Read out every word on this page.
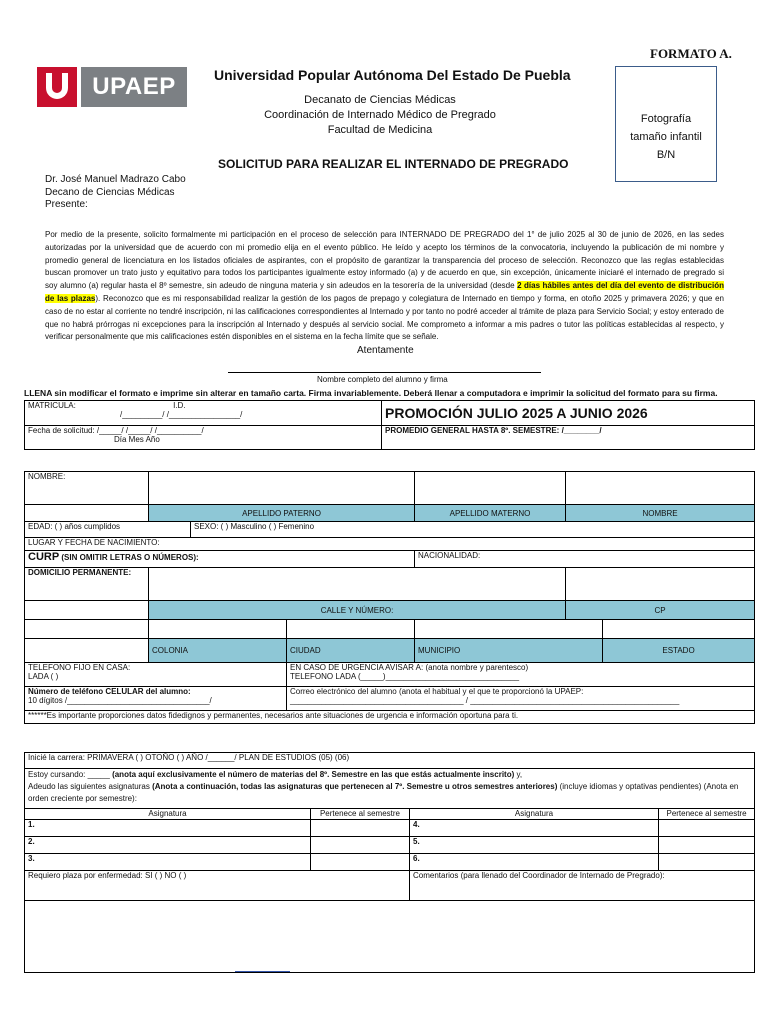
FORMATO A.
UPAEP	Universidad Popular Autónoma Del Estado De Puebla
Decanato de Ciencias Médicas
Coordinación de Internado Médico de Pregrado
Facultad de Medicina
Fotografía
tamaño infantil
B/N
SOLICITUD PARA REALIZAR EL INTERNADO DE PREGRADO
Dr. José Manuel Madrazo Cabo
Decano de Ciencias Médicas
Presente:
Por medio de la presente, solicito formalmente mi participación en el proceso de selección para INTERNADO DE PREGRADO del 1° de julio 2025 al 30 de junio de 2026, en las sedes autorizadas por la universidad que de acuerdo con mi promedio elija en el evento público. He leído y acepto los términos de la convocatoria, incluyendo la publicación de mi nombre y promedio general de licenciatura en los listados oficiales de aspirantes, con el propósito de garantizar la transparencia del proceso de selección. Reconozco que las reglas establecidas buscan promover un trato justo y equitativo para todos los participantes igualmente estoy informado (a) y de acuerdo en que, sin excepción, únicamente iniciaré el internado de pregrado si soy alumno (a) regular hasta el 8º semestre, sin adeudo de ninguna materia y sin adeudos en la tesorería de la universidad (desde 2 días hábiles antes del día del evento de distribución de las plazas). Reconozco que es mi responsabilidad realizar la gestión de los pagos de prepago y colegiatura de Internado en tiempo y forma, en otoño 2025 y primavera 2026; y que en caso de no estar al corriente no tendré inscripción, ni las calificaciones correspondientes al Internado y por tanto no podré acceder al trámite de plaza para Servicio Social; y estoy enterado de que no habrá prórrogas ni excepciones para la inscripción al Internado y después al servicio social. Me comprometo a informar a mis padres o tutor las políticas establecidas al respecto, y verificar personalmente que mis calificaciones estén disponibles en el sistema en la fecha límite que se señale.
Atentamente
Nombre completo del alumno y firma
LLENA sin modificar el formato e imprime sin alterar en tamaño carta. Firma invariablemente. Deberá llenar a computadora e imprimir la solicitud del formato para su firma.
MATRICULA: I.D.
/_________/ /________________/	PROMOCIÓN JULIO 2025 A JUNIO 2026
Fecha de solicitud: /_____/ /_____/ /__________/
Día Mes Año	PROMEDIO GENERAL HASTA 8º. SEMESTRE: /________/
NOMBRE:						
	APELLIDO PATERNO			APELLIDO MATERNO	NOMBRE	
EDAD: ( ) años cumplidos		SEXO: ( ) Masculino ( ) Femenino				
LUGAR Y FECHA DE NACIMIENTO:						
CURP (SIN OMITIR LETRAS O NÚMEROS):				NACIONALIDAD:		
DOMICILIO PERMANENTE:						
	CALLE Y NÚMERO:				CP	

	COLONIA		CIUDAD	MUNICIPIO		ESTADO
TELEFONO FIJO EN CASA:
LADA ( )			EN CASO DE URGENCIA AVISAR A: (anota nombre y parentesco)
TELEFONO LADA (_____)______________________________			
Número de teléfono CELULAR del alumno:
10 dígitos /________________________________/			Correo electrónico del alumno (anota el habitual y el que te proporcionó la UPAEP:
_______________________________________ / _______________________________________________			
******Es importante proporciones datos fidedignos y permanentes, necesarios ante situaciones de urgencia e información oportuna para ti.						
Inicié la carrera: PRIMAVERA ( ) OTOÑO ( ) AÑO /______/ PLAN DE ESTUDIOS (05) (06)			
Estoy cursando: _____ (anota aquí exclusivamente el número de materias del 8º. Semestre en las que estás actualmente inscrito) y,
Adeudo las siguientes asignaturas (Anota a continuación, todas las asignaturas que pertenecen al 7º. Semestre u otros semestres anteriores) (incluye idiomas y optativas pendientes) (Anota en orden creciente por semestre):			
Asignatura	Pertenece al semestre	Asignatura	Pertenece al semestre
1.		4.	
2.		5.	
3.		6.	
Requiero plaza por enfermedad: SI ( ) NO ( )		Comentarios (para llenado del Coordinador de Internado de Pregrado):	
